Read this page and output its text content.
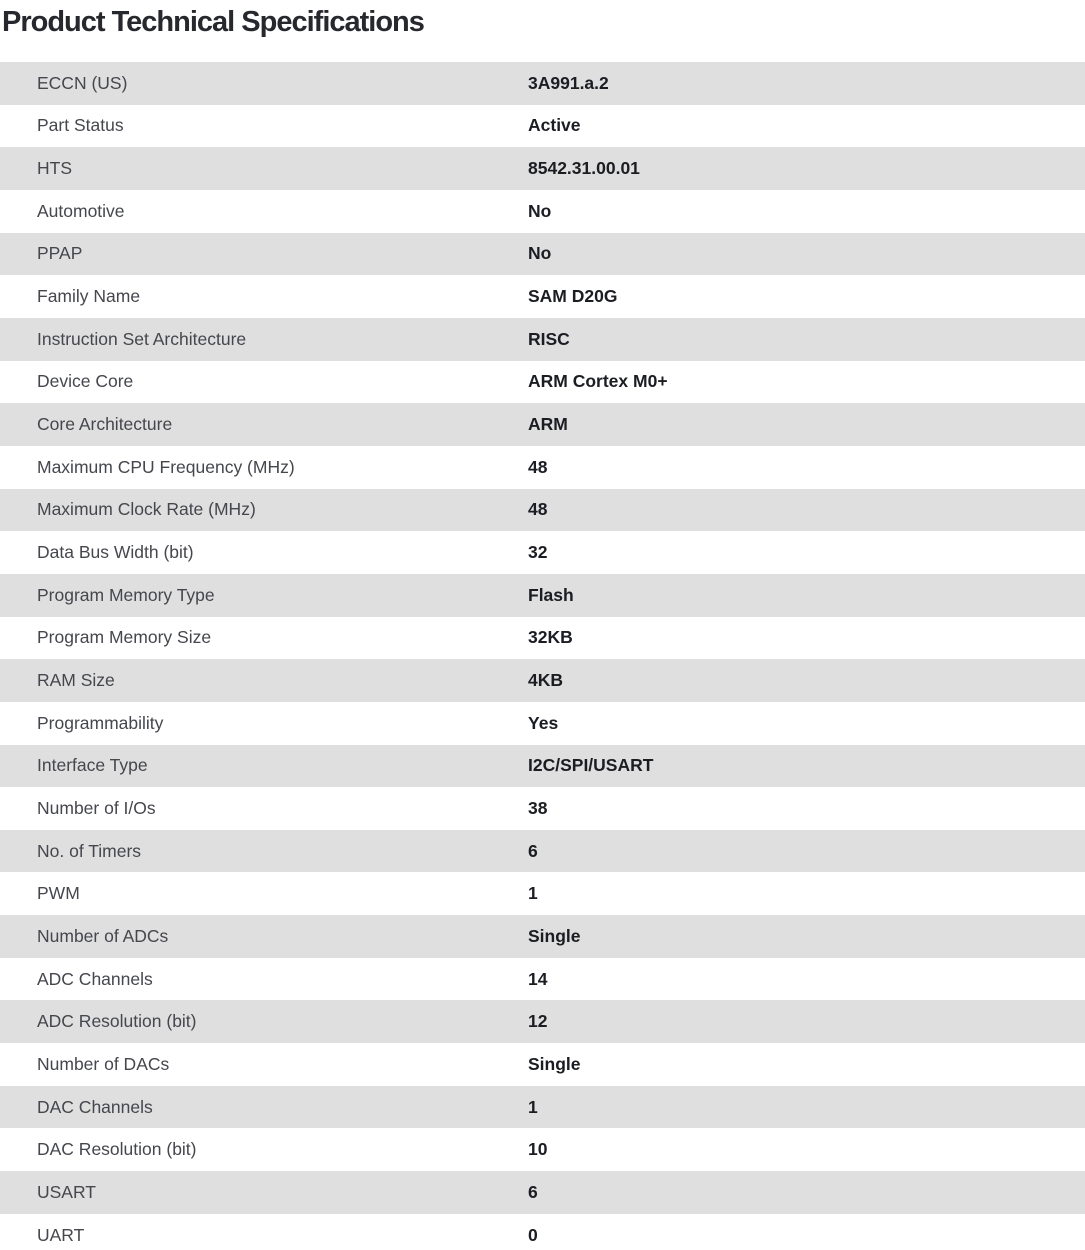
Product Technical Specifications
ECCN (US)	3A991.a.2
Part Status	Active
HTS	8542.31.00.01
Automotive	No
PPAP	No
Family Name	SAM D20G
Instruction Set Architecture	RISC
Device Core	ARM Cortex M0+
Core Architecture	ARM
Maximum CPU Frequency (MHz)	48
Maximum Clock Rate (MHz)	48
Data Bus Width (bit)	32
Program Memory Type	Flash
Program Memory Size	32KB
RAM Size	4KB
Programmability	Yes
Interface Type	I2C/SPI/USART
Number of I/Os	38
No. of Timers	6
PWM	1
Number of ADCs	Single
ADC Channels	14
ADC Resolution (bit)	12
Number of DACs	Single
DAC Channels	1
DAC Resolution (bit)	10
USART	6
UART	0
